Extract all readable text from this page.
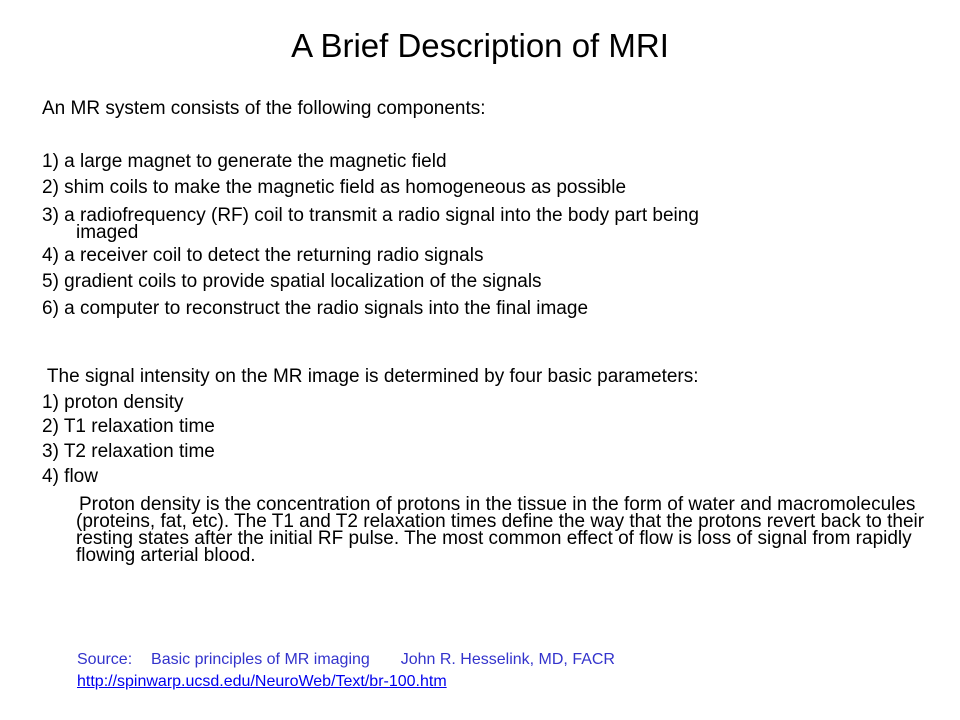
A Brief Description of MRI
An MR system consists of the following components:
1) a large magnet to generate the magnetic field
2) shim coils to make the magnetic field as homogeneous as possible
3) a radiofrequency (RF) coil to transmit a radio signal into the body part being
imaged
4) a receiver coil to detect the returning radio signals
5) gradient coils to provide spatial localization of the signals
6) a computer to reconstruct the radio signals into the final image
The signal intensity on the MR image is determined by four basic parameters:
1) proton density
2) T1 relaxation time
3) T2 relaxation time
4) flow
Proton density is the concentration of protons in the tissue in the form of water and macromolecules (proteins, fat, etc). The T1 and T2 relaxation times define the way that the protons revert back to their resting states after the initial RF pulse. The most common effect of flow is loss of signal from rapidly flowing arterial blood.
Source: Basic principles of MR imaging John R. Hesselink, MD, FACR
http://spinwarp.ucsd.edu/NeuroWeb/Text/br-100.htm
